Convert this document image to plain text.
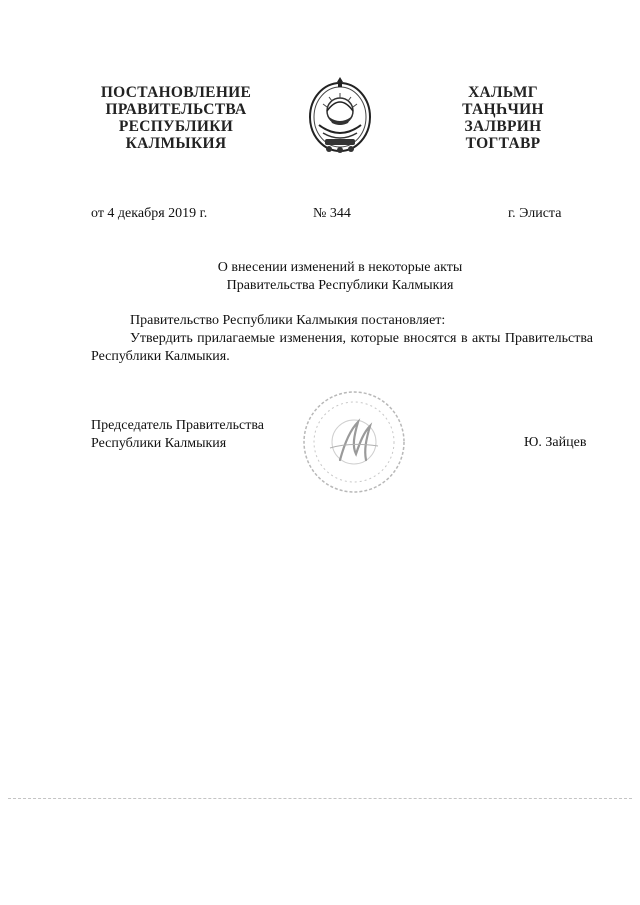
ПОСТАНОВЛЕНИЕ
ПРАВИТЕЛЬСТВА
РЕСПУБЛИКИ
КАЛМЫКИЯ
ХАЛЬМГ
ТАҢҺЧИН
ЗАЛВРИН
ТОГТАВР
от 4 декабря 2019 г.	№ 344	г. Элиста
О внесении изменений в некоторые акты
Правительства Республики Калмыкия
Правительство Республики Калмыкия постановляет:
Утвердить прилагаемые изменения, которые вносятся в акты Правительства Республики Калмыкия.
Председатель Правительства
Республики Калмыкия	Ю. Зайцев
